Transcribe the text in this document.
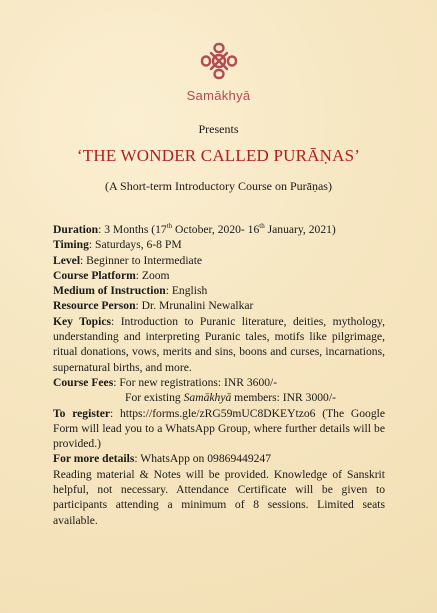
Samākhyā
Presents
‘THE WONDER CALLED PURĀṆAS’
(A Short-term Introductory Course on Purāṇas)

Duration: 3 Months (17th October, 2020- 16th January, 2021)

Timing: Saturdays, 6-8 PM

Level: Beginner to Intermediate

Course Platform: Zoom

Medium of Instruction: English

Resource Person: Dr. Mrunalini Newalkar

Key Topics: Introduction to Puranic literature, deities, mythology, understanding and interpreting Puranic tales, motifs like pilgrimage, ritual donations, vows, merits and sins, boons and curses, incarnations, supernatural births, and more.

Course Fees: For new registrations: INR 3600/-

For existing Samākhyā members: INR 3000/-

To register: https://forms.gle/zRG59mUC8DKEYtzo6 (The Google Form will lead you to a WhatsApp Group, where further details will be provided.)

For more details: WhatsApp on 09869449247

Reading material & Notes will be provided. Knowledge of Sanskrit helpful, not necessary. Attendance Certificate will be given to participants attending a minimum of 8 sessions. Limited seats available.
